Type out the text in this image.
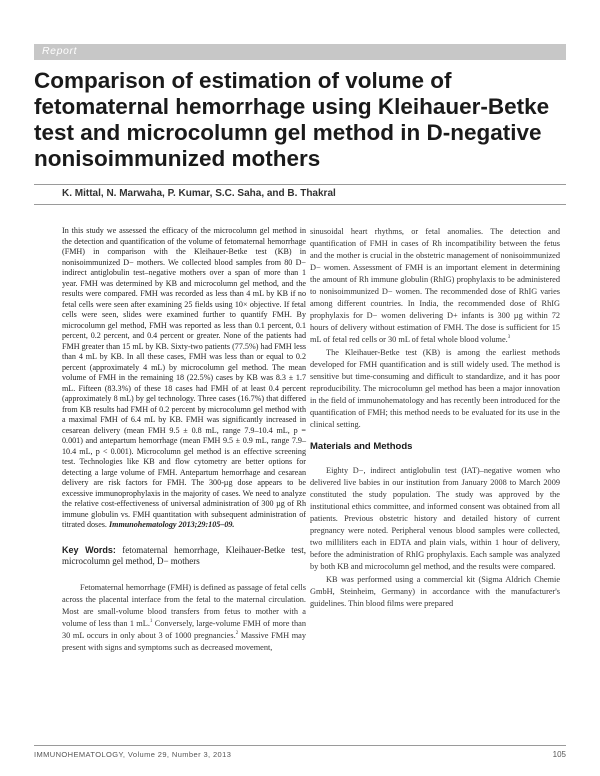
Report
Comparison of estimation of volume of fetomaternal hemorrhage using Kleihauer-Betke test and microcolumn gel method in D-negative nonisoimmunized mothers
K. Mittal, N. Marwaha, P. Kumar, S.C. Saha, and B. Thakral
In this study we assessed the efficacy of the microcolumn gel method in the detection and quantification of the volume of fetomaternal hemorrhage (FMH) in comparison with the Kleihauer-Betke test (KB) in nonisoimmunized D− mothers. We collected blood samples from 80 D− indirect antiglobulin test–negative mothers over a span of more than 1 year. FMH was determined by KB and microcolumn gel method, and the results were compared. FMH was recorded as less than 4 mL by KB if no fetal cells were seen after examining 25 fields using 10× objective. If fetal cells were seen, slides were examined further to quantify FMH. By microcolumn gel method, FMH was reported as less than 0.1 percent, 0.1 percent, 0.2 percent, and 0.4 percent or greater. None of the patients had FMH greater than 15 mL by KB. Sixty-two patients (77.5%) had FMH less than 4 mL by KB. In all these cases, FMH was less than or equal to 0.2 percent (approximately 4 mL) by microcolumn gel method. The mean volume of FMH in the remaining 18 (22.5%) cases by KB was 8.3 ± 1.7 mL. Fifteen (83.3%) of these 18 cases had FMH of at least 0.4 percent (approximately 8 mL) by gel technology. Three cases (16.7%) that differed from KB results had FMH of 0.2 percent by microcolumn gel method with a maximal FMH of 6.4 mL by KB. FMH was significantly increased in cesarean delivery (mean FMH 9.5 ± 0.8 mL, range 7.9–10.4 mL, p = 0.001) and antepartum hemorrhage (mean FMH 9.5 ± 0.9 mL, range 7.9–10.4 mL, p < 0.001). Microcolumn gel method is an effective screening test. Technologies like KB and flow cytometry are better options for detecting a large volume of FMH. Antepartum hemorrhage and cesarean delivery are risk factors for FMH. The 300-µg dose appears to be excessive immunoprophylaxis in the majority of cases. We need to analyze the relative cost-effectiveness of universal administration of 300 µg of Rh immune globulin vs. FMH quantitation with subsequent administration of titrated doses. Immunohematology 2013;29:105–09.
Key Words: fetomaternal hemorrhage, Kleihauer-Betke test, microcolumn gel method, D− mothers
Fetomaternal hemorrhage (FMH) is defined as passage of fetal cells across the placental interface from the fetal to the maternal circulation. Most are small-volume blood transfers from fetus to mother with a volume of less than 1 mL.$^1$ Conversely, large-volume FMH of more than 30 mL occurs in only about 3 of 1000 pregnancies.$^2$ Massive FMH may present with signs and symptoms such as decreased movement,

sinusoidal heart rhythms, or fetal anomalies. The detection and quantification of FMH in cases of Rh incompatibility between the fetus and the mother is crucial in the obstetric management of nonisoimmunized D− women. Assessment of FMH is an important element in determining the amount of Rh immune globulin (RhIG) prophylaxis to be administered to nonisoimmunized D− women. The recommended dose of RhIG varies among different countries. In India, the recommended dose of RhIG prophylaxis for D− women delivering D+ infants is 300 µg within 72 hours of delivery without estimation of FMH. The dose is sufficient for 15 mL of fetal red cells or 30 mL of fetal whole blood volume.$^3$

The Kleihauer-Betke test (KB) is among the earliest methods developed for FMH quantification and is still widely used. The method is sensitive but time-consuming and difficult to standardize, and it has poor reproducibility. The microcolumn gel method has been a major innovation in the field of immunohematology and has recently been introduced for the quantification of FMH; this method needs to be evaluated for its use in the clinical setting.

Materials and Methods

Eighty D−, indirect antiglobulin test (IAT)–negative women who delivered live babies in our institution from January 2008 to March 2009 constituted the study population. The study was approved by the institutional ethics committee, and informed consent was obtained from all patients. Previous obstetric history and detailed history of current pregnancy were noted. Peripheral venous blood samples were collected, two milliliters each in EDTA and plain vials, within 1 hour of delivery, before the administration of RhIG prophylaxis. Each sample was analyzed by both KB and microcolumn gel method, and the results were compared.

KB was performed using a commercial kit (Sigma Aldrich Chemie GmbH, Steinheim, Germany) in accordance with the manufacturer's guidelines. Thin blood films were prepared

IMMUNOHEMATOLOGY, Volume 29, Number 3, 2013	105
